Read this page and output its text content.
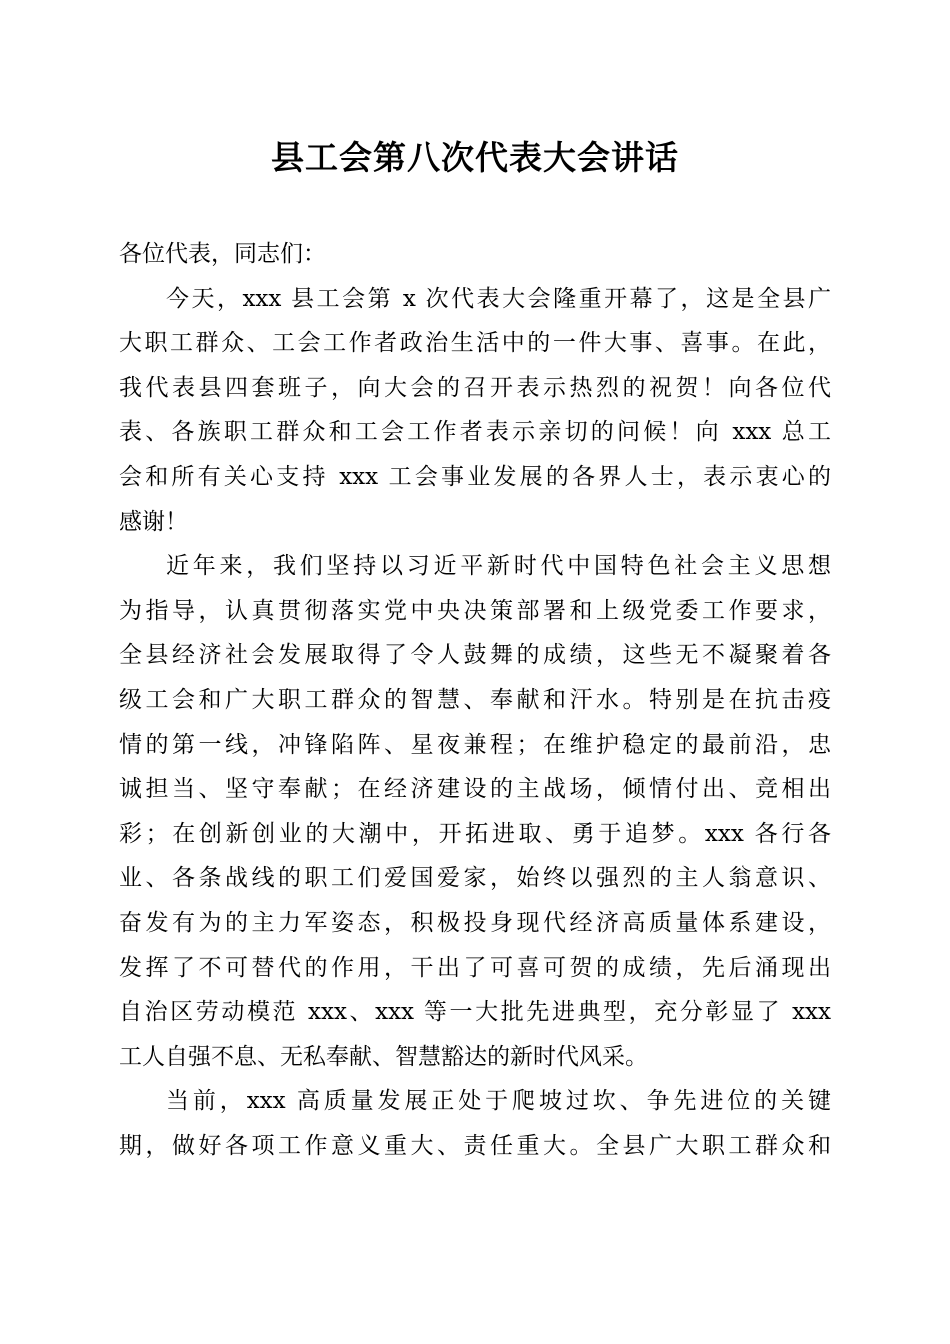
县工会第八次代表大会讲话
各位代表，同志们：
今天，xxx 县工会第 x 次代表大会隆重开幕了，这是全县广
大职工群众、工会工作者政治生活中的一件大事、喜事。在此，
我代表县四套班子，向大会的召开表示热烈的祝贺！向各位代
表、各族职工群众和工会工作者表示亲切的问候！向 xxx 总工
会和所有关心支持 xxx 工会事业发展的各界人士，表示衷心的
感谢！
近年来，我们坚持以习近平新时代中国特色社会主义思想
为指导，认真贯彻落实党中央决策部署和上级党委工作要求，
全县经济社会发展取得了令人鼓舞的成绩，这些无不凝聚着各
级工会和广大职工群众的智慧、奉献和汗水。特别是在抗击疫
情的第一线，冲锋陷阵、星夜兼程；在维护稳定的最前沿，忠
诚担当、坚守奉献；在经济建设的主战场，倾情付出、竞相出
彩；在创新创业的大潮中，开拓进取、勇于追梦。xxx 各行各
业、各条战线的职工们爱国爱家，始终以强烈的主人翁意识、
奋发有为的主力军姿态，积极投身现代经济高质量体系建设，
发挥了不可替代的作用，干出了可喜可贺的成绩，先后涌现出
自治区劳动模范 xxx、xxx 等一大批先进典型，充分彰显了 xxx
工人自强不息、无私奉献、智慧豁达的新时代风采。
当前，xxx 高质量发展正处于爬坡过坎、争先进位的关键
期，做好各项工作意义重大、责任重大。全县广大职工群众和
